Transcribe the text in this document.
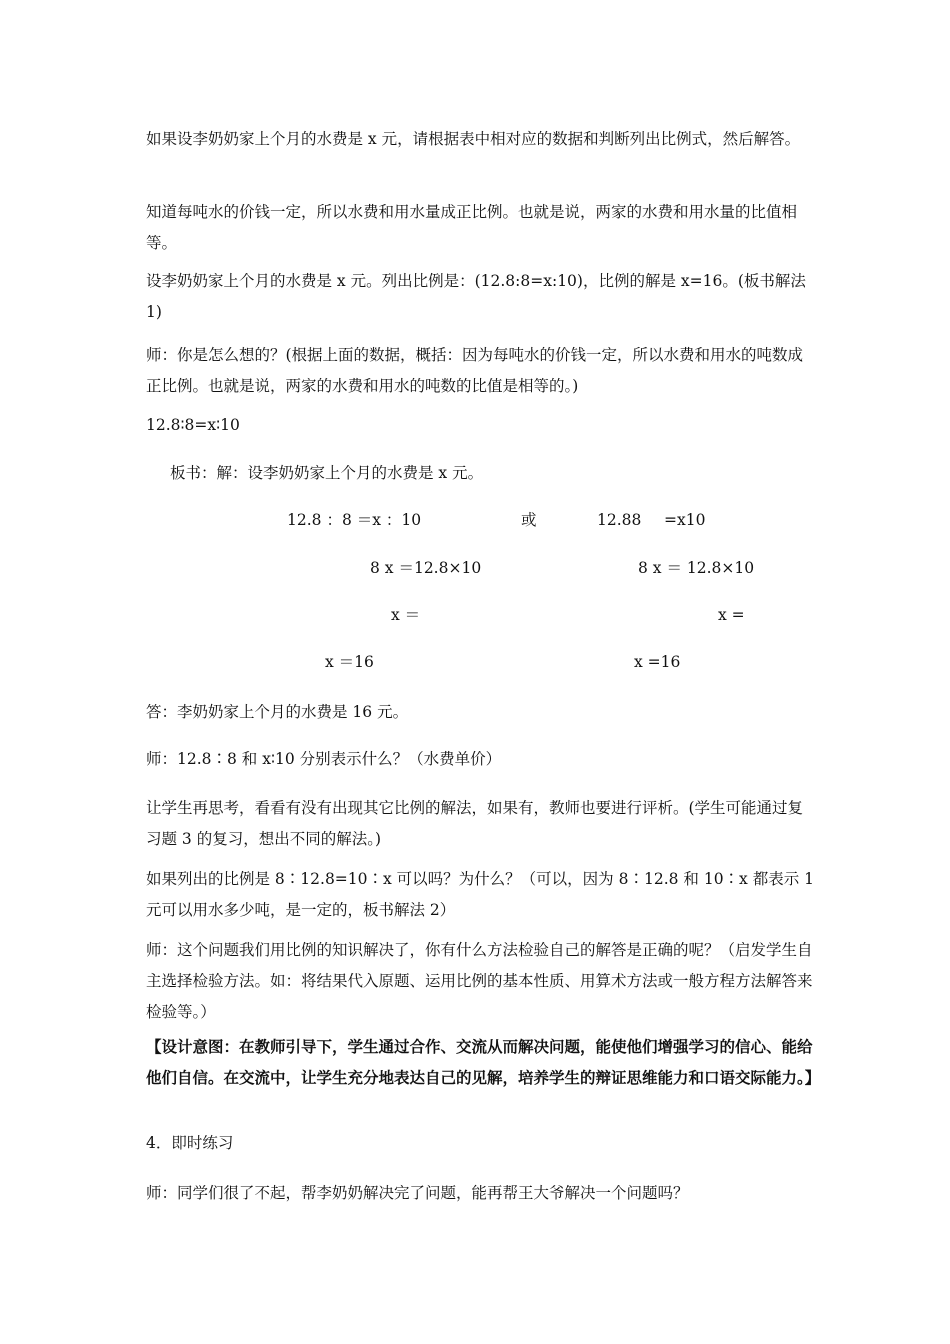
如果设李奶奶家上个月的水费是 x 元，请根据表中相对应的数据和判断列出比例式，然后解答。

知道每吨水的价钱一定，所以水费和用水量成正比例。也就是说，两家的水费和用水量的比值相等。

设李奶奶家上个月的水费是 x 元。列出比例是：(12.8:8=x:10)，比例的解是 x=16。(板书解法 1)

师：你是怎么想的？(根据上面的数据，概括：因为每吨水的价钱一定，所以水费和用水的吨数成正比例。也就是说，两家的水费和用水的吨数的比值是相等的。)

12.8∶8=x∶10

板书：解：设李奶奶家上个月的水费是 x 元。

12.8 ：8 ＝x ：10	或	12.88 =x10
8 x ＝12.8×10	8 x ＝ 12.8×10
x ＝	x =
x ＝16	x =16

答：李奶奶家上个月的水费是 16 元。

师：12.8∶8 和 x∶10 分别表示什么？（水费单价）

让学生再思考，看看有没有出现其它比例的解法，如果有，教师也要进行评析。(学生可能通过复习题 3 的复习，想出不同的解法。)

如果列出的比例是 8∶12.8=10∶x 可以吗？为什么？（可以，因为 8∶12.8 和 10∶x 都表示 1 元可以用水多少吨，是一定的，板书解法 2）

师：这个问题我们用比例的知识解决了，你有什么方法检验自己的解答是正确的呢？（启发学生自主选择检验方法。如：将结果代入原题、运用比例的基本性质、用算术方法或一般方程方法解答来检验等。）

【设计意图：在教师引导下，学生通过合作、交流从而解决问题，能使他们增强学习的信心、能给他们自信。在交流中，让学生充分地表达自己的见解，培养学生的辩证思维能力和口语交际能力。】

4．即时练习

师：同学们很了不起，帮李奶奶解决完了问题，能再帮王大爷解决一个问题吗？
